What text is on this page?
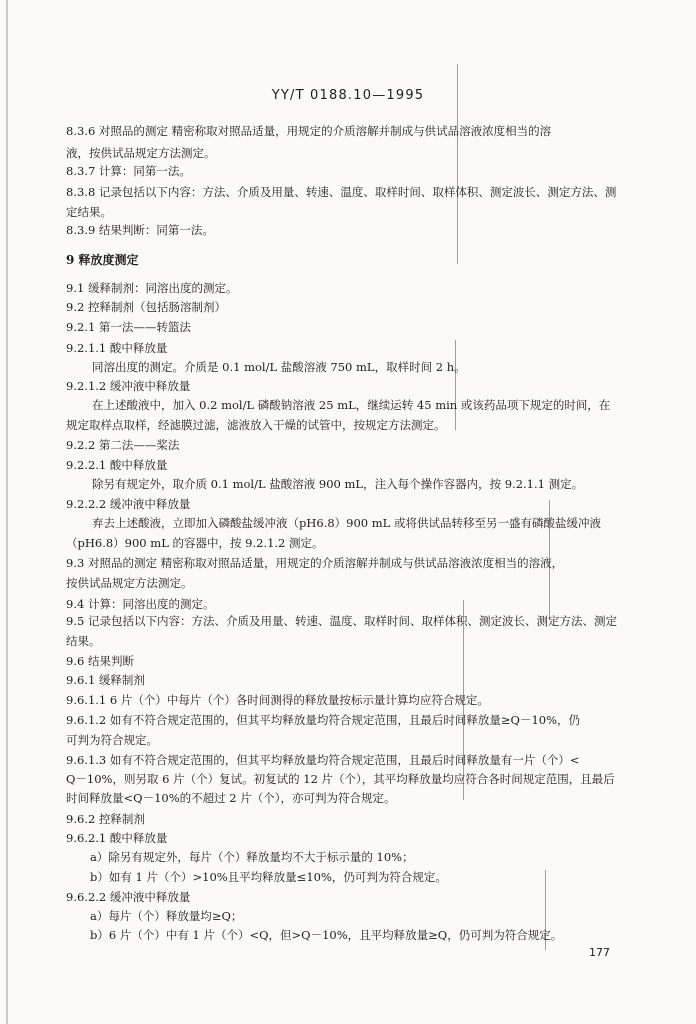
YY/T 0188.10—1995
8.3.6 对照品的测定 精密称取对照品适量，用规定的介质溶解并制成与供试品溶液浓度相当的溶
液，按供试品规定方法测定。
8.3.7 计算：同第一法。
8.3.8 记录包括以下内容：方法、介质及用量、转速、温度、取样时间、取样体积、测定波长、测定方法、测
定结果。
8.3.9 结果判断：同第一法。
9 释放度测定
9.1 缓释制剂：同溶出度的测定。
9.2 控释制剂（包括肠溶制剂）
9.2.1 第一法——转篮法
9.2.1.1 酸中释放量
同溶出度的测定。介质是 0.1 mol/L 盐酸溶液 750 mL，取样时间 2 h。
9.2.1.2 缓冲液中释放量
在上述酸液中，加入 0.2 mol/L 磷酸钠溶液 25 mL，继续运转 45 min 或该药品项下规定的时间，在
规定取样点取样，经滤膜过滤，滤液放入干燥的试管中，按规定方法测定。
9.2.2 第二法——桨法
9.2.2.1 酸中释放量
除另有规定外，取介质 0.1 mol/L 盐酸溶液 900 mL，注入每个操作容器内，按 9.2.1.1 测定。
9.2.2.2 缓冲液中释放量
弃去上述酸液，立即加入磷酸盐缓冲液（pH6.8）900 mL 或将供试品转移至另一盛有磷酸盐缓冲液
（pH6.8）900 mL 的容器中，按 9.2.1.2 测定。
9.3 对照品的测定 精密称取对照品适量，用规定的介质溶解并制成与供试品溶液浓度相当的溶液，
按供试品规定方法测定。
9.4 计算：同溶出度的测定。
9.5 记录包括以下内容：方法、介质及用量、转速、温度、取样时间、取样体积、测定波长、测定方法、测定
结果。
9.6 结果判断
9.6.1 缓释制剂
9.6.1.1 6 片（个）中每片（个）各时间测得的释放量按标示量计算均应符合规定。
9.6.1.2 如有不符合规定范围的，但其平均释放量均符合规定范围，且最后时间释放量≥Q－10%，仍
可判为符合规定。
9.6.1.3 如有不符合规定范围的，但其平均释放量均符合规定范围，且最后时间释放量有一片（个）<
Q－10%，则另取 6 片（个）复试。初复试的 12 片（个），其平均释放量均应符合各时间规定范围，且最后
时间释放量<Q－10%的不超过 2 片（个），亦可判为符合规定。
9.6.2 控释制剂
9.6.2.1 酸中释放量
a）除另有规定外，每片（个）释放量均不大于标示量的 10%；
b）如有 1 片（个）>10%且平均释放量≤10%，仍可判为符合规定。
9.6.2.2 缓冲液中释放量
a）每片（个）释放量均≥Q；
b）6 片（个）中有 1 片（个）<Q，但>Q－10%，且平均释放量≥Q，仍可判为符合规定。
177
